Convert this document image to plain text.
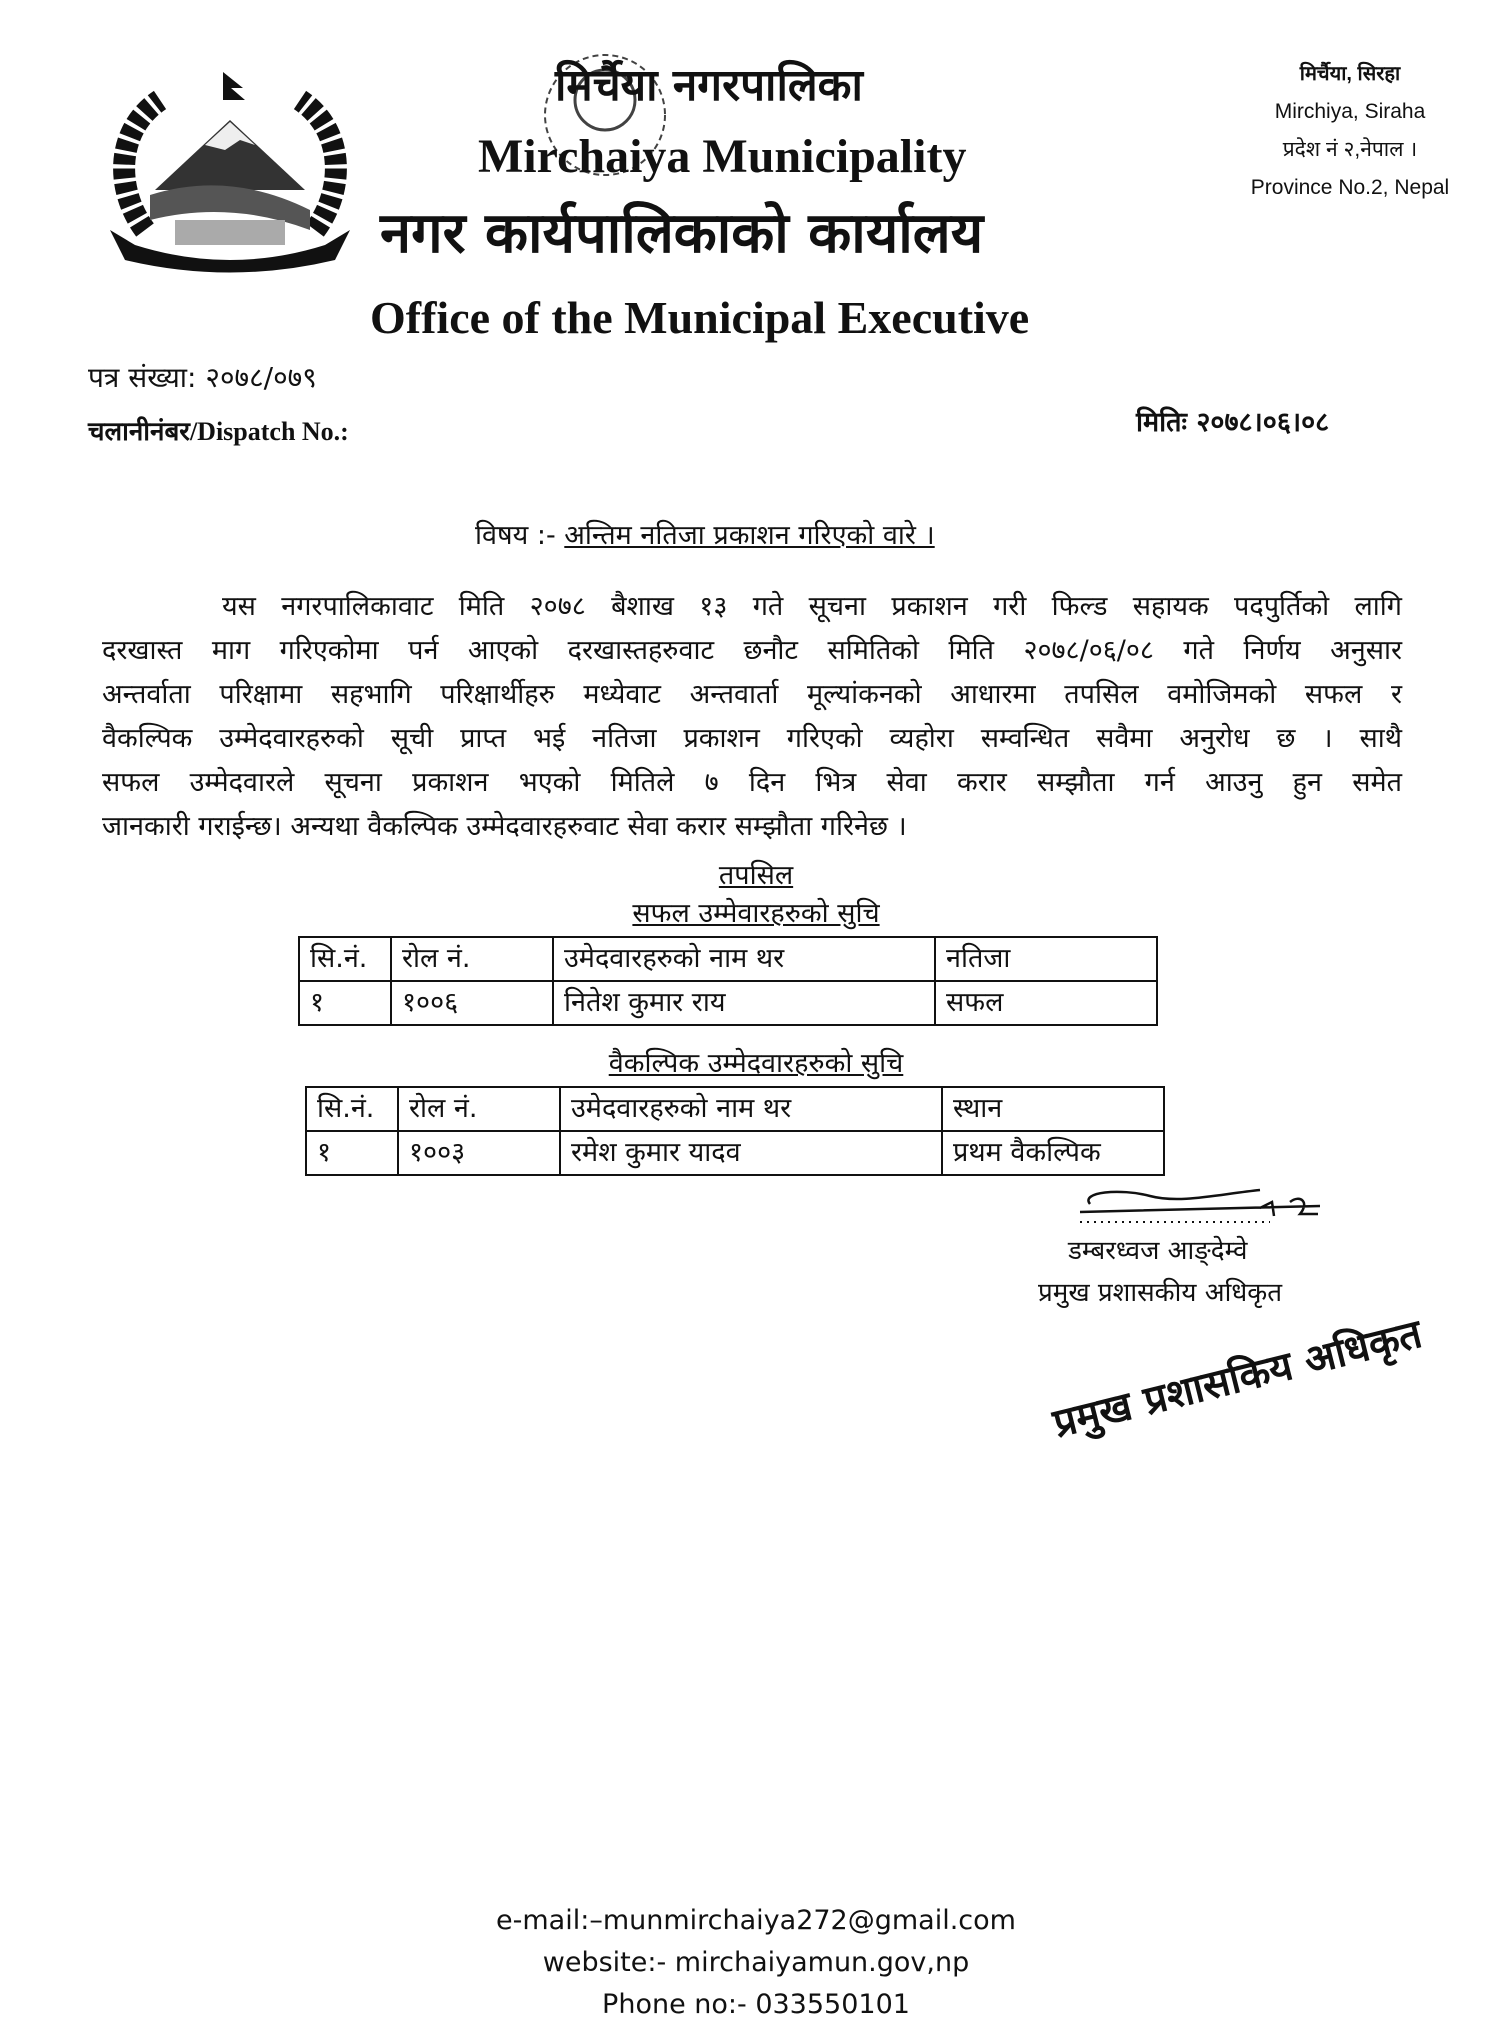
मिर्चैया नगरपालिका
Mirchaiya Municipality
नगर कार्यपालिकाको कार्यालय
Office of the Municipal Executive
मिर्चैया, सिरहा
Mirchiya, Siraha
प्रदेश नं २,नेपाल ।
Province No.2, Nepal
पत्र संख्या: २०७८/०७९
चलानीनंबर/Dispatch No.:	मितिः २०७८।०६।०८
विषय :- अन्तिम नतिजा प्रकाशन गरिएको वारे ।

यस नगरपालिकावाट मिति २०७८ बैशाख १३ गते सूचना प्रकाशन गरी फिल्ड सहायक पदपुर्तिको लागि

दरखास्त माग गरिएकोमा पर्न आएको दरखास्तहरुवाट छनौट समितिको मिति २०७८/०६/०८ गते निर्णय अनुसार

अन्तर्वाता परिक्षामा सहभागि परिक्षार्थीहरु मध्येवाट अन्तवार्ता मूल्यांकनको आधारमा तपसिल वमोजिमको सफल र

वैकल्पिक उम्मेदवारहरुको सूची प्राप्त भई नतिजा प्रकाशन गरिएको व्यहोरा सम्वन्धित सवैमा अनुरोध छ । साथै

सफल उम्मेदवारले सूचना प्रकाशन भएको मितिले ७ दिन भित्र सेवा करार सम्झौता गर्न आउनु हुन समेत

जानकारी गराईन्छ। अन्यथा वैकल्पिक उम्मेदवारहरुवाट सेवा करार सम्झौता गरिनेछ ।

तपसिल
सफल उम्मेवारहरुको सुचि
सि.नं.	रोल नं.	उमेदवारहरुको नाम थर	नतिजा
१	१००६	नितेश कुमार राय	सफल
वैकल्पिक उम्मेदवारहरुको सुचि
सि.नं.	रोल नं.	उमेदवारहरुको नाम थर	स्थान
१	१००३	रमेश कुमार यादव	प्रथम वैकल्पिक
डम्बरध्वज आङ्देम्वे
प्रमुख प्रशासकीय अधिकृत
प्रमुख प्रशासकिय अधिकृत
e-mail:–munmirchaiya272@gmail.com
website:- mirchaiyamun.gov,np
Phone no:- 033550101
